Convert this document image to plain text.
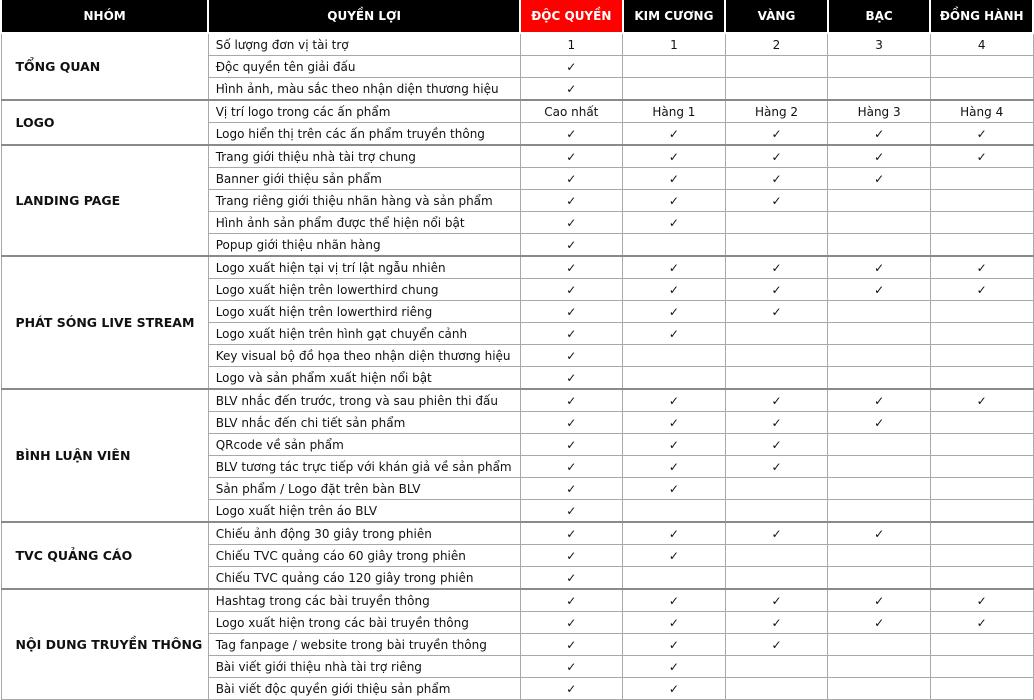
NHÓM	QUYỀN LỢI	ĐỘC QUYỀN	KIM CƯƠNG	VÀNG	BẠC	ĐỒNG HÀNH
TỔNG QUAN	Số lượng đơn vị tài trợ	1	1	2	3	4
	Độc quyền tên giải đấu	✓				
	Hình ảnh, màu sắc theo nhận diện thương hiệu	✓				
LOGO	Vị trí logo trong các ấn phẩm	Cao nhất	Hàng 1	Hàng 2	Hàng 3	Hàng 4
	Logo hiển thị trên các ấn phẩm truyền thông	✓	✓	✓	✓	✓
LANDING PAGE	Trang giới thiệu nhà tài trợ chung	✓	✓	✓	✓	✓
	Banner giới thiệu sản phẩm	✓	✓	✓	✓	
	Trang riêng giới thiệu nhãn hàng và sản phẩm	✓	✓	✓		
	Hình ảnh sản phẩm được thể hiện nổi bật	✓	✓			
	Popup giới thiệu nhãn hàng	✓				
PHÁT SÓNG LIVE STREAM	Logo xuất hiện tại vị trí lật ngẫu nhiên	✓	✓	✓	✓	✓
	Logo xuất hiện trên lowerthird chung	✓	✓	✓	✓	✓
	Logo xuất hiện trên lowerthird riêng	✓	✓	✓		
	Logo xuất hiện trên hình gạt chuyển cảnh	✓	✓			
	Key visual bộ đồ họa theo nhận diện thương hiệu	✓				
	Logo và sản phẩm xuất hiện nổi bật	✓				
BÌNH LUẬN VIÊN	BLV nhắc đến trước, trong và sau phiên thi đấu	✓	✓	✓	✓	✓
	BLV nhắc đến chi tiết sản phẩm	✓	✓	✓	✓	
	QRcode về sản phẩm	✓	✓	✓		
	BLV tương tác trực tiếp với khán giả về sản phẩm	✓	✓	✓		
	Sản phẩm / Logo đặt trên bàn BLV	✓	✓			
	Logo xuất hiện trên áo BLV	✓				
TVC QUẢNG CÁO	Chiếu ảnh động 30 giây trong phiên	✓	✓	✓	✓	
	Chiếu TVC quảng cáo 60 giây trong phiên	✓	✓			
	Chiếu TVC quảng cáo 120 giây trong phiên	✓				
NỘI DUNG TRUYỀN THÔNG	Hashtag trong các bài truyền thông	✓	✓	✓	✓	✓
	Logo xuất hiện trong các bài truyền thông	✓	✓	✓	✓	✓
	Tag fanpage / website trong bài truyền thông	✓	✓	✓		
	Bài viết giới thiệu nhà tài trợ riêng	✓	✓			
	Bài viết độc quyền giới thiệu sản phẩm	✓	✓			
